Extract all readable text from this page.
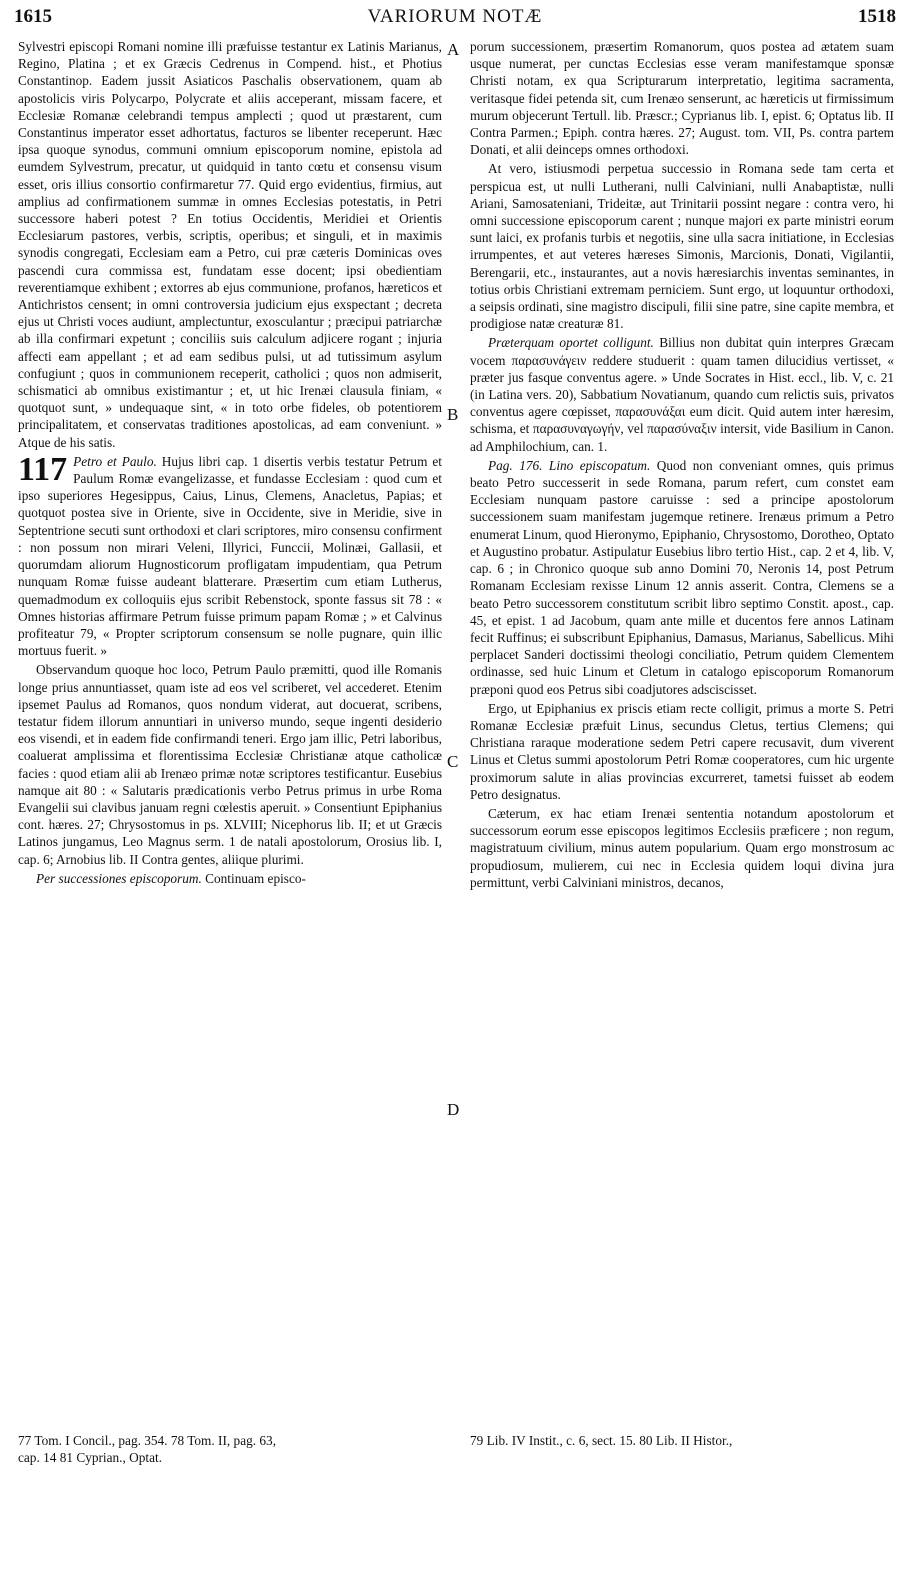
1615	VARIORUM NOTÆ	1518
A
B
C
D

Sylvestri episcopi Romani nomine illi præfuisse testantur ex Latinis Marianus, Regino, Platina ; et ex Græcis Cedrenus in Compend. hist., et Photius Constantinop. Eadem jussit Asiaticos Paschalis observationem, quam ab apostolicis viris Polycarpo, Polycrate et aliis acceperant, missam facere, et Ecclesiæ Romanæ celebrandi tempus amplecti ; quod ut præstarent, cum Constantinus imperator esset adhortatus, facturos se libenter receperunt. Hæc ipsa quoque synodus, communi omnium episcoporum nomine, epistola ad eumdem Sylvestrum, precatur, ut quidquid in tanto cœtu et consensu visum esset, oris illius consortio confirmaretur 77. Quid ergo evidentius, firmius, aut amplius ad confirmationem summæ in omnes Ecclesias potestatis, in Petri successore haberi potest ? En totius Occidentis, Meridiei et Orientis Ecclesiarum pastores, verbis, scriptis, operibus; et singuli, et in maximis synodis congregati, Ecclesiam eam a Petro, cui præ cæteris Dominicas oves pascendi cura commissa est, fundatam esse docent; ipsi obedientiam reverentiamque exhibent ; extorres ab ejus communione, profanos, hæreticos et Antichristos censent; in omni controversia judicium ejus exspectant ; decreta ejus ut Christi voces audiunt, amplectuntur, exosculantur ; præcipui patriarchæ ab illa confirmari expetunt ; conciliis suis calculum adjicere rogant ; injuria affecti eam appellant ; et ad eam sedibus pulsi, ut ad tutissimum asylum confugiunt ; quos in communionem receperit, catholici ; quos non admiserit, schismatici ab omnibus existimantur ; et, ut hic Irenæi clausula finiam, « quotquot sunt, » undequaque sint, « in toto orbe fideles, ob potentiorem principalitatem, et conservatas traditiones apostolicas, ad eam conveniunt. » Atque de his satis.

117 Petro et Paulo. Hujus libri cap. 1 disertis verbis testatur Petrum et Paulum Romæ evangelizasse, et fundasse Ecclesiam : quod cum et ipso superiores Hegesippus, Caius, Linus, Clemens, Anacletus, Papias; et quotquot postea sive in Oriente, sive in Occidente, sive in Meridie, sive in Septentrione secuti sunt orthodoxi et clari scriptores, miro consensu confirment : non possum non mirari Veleni, Illyrici, Funccii, Molinæi, Gallasii, et quorumdam aliorum Hugnosticorum profligatam impudentiam, qua Petrum nunquam Romæ fuisse audeant blatterare. Præsertim cum etiam Lutherus, quemadmodum ex colloquiis ejus scribit Rebenstock, sponte fassus sit 78 : « Omnes historias affirmare Petrum fuisse primum papam Romæ ; » et Calvinus profiteatur 79, « Propter scriptorum consensum se nolle pugnare, quin illic mortuus fuerit. »

Observandum quoque hoc loco, Petrum Paulo præmitti, quod ille Romanis longe prius annuntiasset, quam iste ad eos vel scriberet, vel accederet. Etenim ipsemet Paulus ad Romanos, quos nondum viderat, aut docuerat, scribens, testatur fidem illorum annuntiari in universo mundo, seque ingenti desiderio eos visendi, et in eadem fide confirmandi teneri. Ergo jam illic, Petri laboribus, coaluerat amplissima et florentissima Ecclesiæ Christianæ atque catholicæ facies : quod etiam alii ab Irenæo primæ notæ scriptores testificantur. Eusebius namque ait 80 : « Salutaris prædicationis verbo Petrus primus in urbe Roma Evangelii sui clavibus januam regni cœlestis aperuit. » Consentiunt Epiphanius cont. hæres. 27; Chrysostomus in ps. XLVIII; Nicephorus lib. II; et ut Græcis Latinos jungamus, Leo Magnus serm. 1 de natali apostolorum, Orosius lib. I, cap. 6; Arnobius lib. II Contra gentes, aliique plurimi.

Per successiones episcoporum. Continuam episco-

porum successionem, præsertim Romanorum, quos postea ad ætatem suam usque numerat, per cunctas Ecclesias esse veram manifestamque sponsæ Christi notam, ex qua Scripturarum interpretatio, legitima sacramenta, veritasque fidei petenda sit, cum Irenæo senserunt, ac hæreticis ut firmissimum murum objecerunt Tertull. lib. Præscr.; Cyprianus lib. I, epist. 6; Optatus lib. II Contra Parmen.; Epiph. contra hæres. 27; August. tom. VII, Ps. contra partem Donati, et alii deinceps omnes orthodoxi.

At vero, istiusmodi perpetua successio in Romana sede tam certa et perspicua est, ut nulli Lutherani, nulli Calviniani, nulli Anabaptistæ, nulli Ariani, Samosateniani, Trideitæ, aut Trinitarii possint negare : contra vero, hi omni successione episcoporum carent ; nunque majori ex parte ministri eorum sunt laici, ex profanis turbis et negotiis, sine ulla sacra initiatione, in Ecclesias irrumpentes, et aut veteres hæreses Simonis, Marcionis, Donati, Vigilantii, Berengarii, etc., instaurantes, aut a novis hæresiarchis inventas seminantes, in totius orbis Christiani extremam perniciem. Sunt ergo, ut loquuntur orthodoxi, a seipsis ordinati, sine magistro discipuli, filii sine patre, sine capite membra, et prodigiose natæ creaturæ 81.

Præterquam oportet colligunt. Billius non dubitat quin interpres Græcam vocem παρασυνάγειν reddere studuerit : quam tamen dilucidius vertisset, « præter jus fasque conventus agere. » Unde Socrates in Hist. eccl., lib. V, c. 21 (in Latina vers. 20), Sabbatium Novatianum, quando cum relictis suis, privatos conventus agere cœpisset, παρασυνάξαι eum dicit. Quid autem inter hæresim, schisma, et παρασυναγωγήν, vel παρασύναξιν intersit, vide Basilium in Canon. ad Amphilochium, can. 1.

Pag. 176. Lino episcopatum. Quod non conveniant omnes, quis primus beato Petro successerit in sede Romana, parum refert, cum constet eam Ecclesiam nunquam pastore caruisse : sed a principe apostolorum successionem suam manifestam jugemque retinere. Irenæus primum a Petro enumerat Linum, quod Hieronymo, Epiphanio, Chrysostomo, Dorotheo, Optato et Augustino probatur. Astipulatur Eusebius libro tertio Hist., cap. 2 et 4, lib. V, cap. 6 ; in Chronico quoque sub anno Domini 70, Neronis 14, post Petrum Romanam Ecclesiam rexisse Linum 12 annis asserit. Contra, Clemens se a beato Petro successorem constitutum scribit libro septimo Constit. apost., cap. 45, et epist. 1 ad Jacobum, quam ante mille et ducentos fere annos Latinam fecit Ruffinus; ei subscribunt Epiphanius, Damasus, Marianus, Sabellicus. Mihi perplacet Sanderi doctissimi theologi conciliatio, Petrum quidem Clementem ordinasse, sed huic Linum et Cletum in catalogo episcoporum Romanorum præponi quod eos Petrus sibi coadjutores adsciscisset.

Ergo, ut Epiphanius ex priscis etiam recte colligit, primus a morte S. Petri Romanæ Ecclesiæ præfuit Linus, secundus Cletus, tertius Clemens; qui Christiana raraque moderatione sedem Petri capere recusavit, dum viverent Linus et Cletus summi apostolorum Petri Romæ cooperatores, cum hic urgente proximorum salute in alias provincias excurreret, tametsi fuisset ab eodem Petro designatus.

Cæterum, ex hac etiam Irenæi sententia notandum apostolorum et successorum eorum esse episcopos legitimos Ecclesiis præficere ; non regum, magistratuum civilium, minus autem popularium. Quam ergo monstrosum ac propudiosum, mulierem, cui nec in Ecclesia quidem loqui divina jura permittunt, verbi Calviniani ministros, decanos,

77 Tom. I Concil., pag. 354. 78 Tom. II, pag. 63,
cap. 14 81 Cyprian., Optat.
79 Lib. IV Instit., c. 6, sect. 15. 80 Lib. II Histor.,
